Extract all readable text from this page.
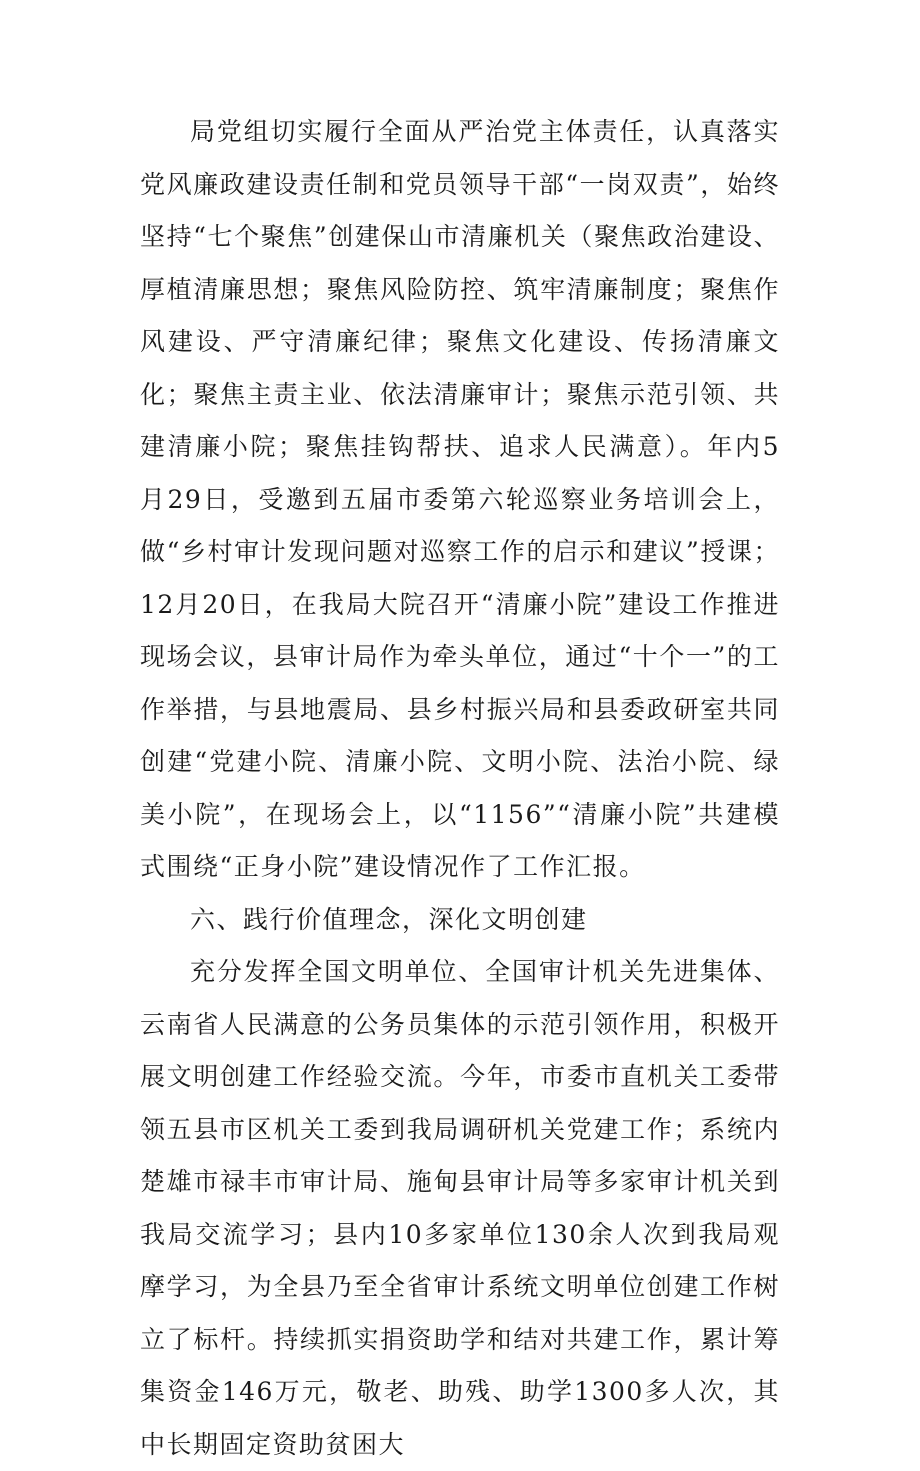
局党组切实履行全面从严治党主体责任，认真落实党风廉政建设责任制和党员领导干部“一岗双责”，始终坚持“七个聚焦”创建保山市清廉机关（聚焦政治建设、厚植清廉思想；聚焦风险防控、筑牢清廉制度；聚焦作风建设、严守清廉纪律；聚焦文化建设、传扬清廉文化；聚焦主责主业、依法清廉审计；聚焦示范引领、共建清廉小院；聚焦挂钩帮扶、追求人民满意）。年内5月29日，受邀到五届市委第六轮巡察业务培训会上，做“乡村审计发现问题对巡察工作的启示和建议”授课；12月20日，在我局大院召开“清廉小院”建设工作推进现场会议，县审计局作为牵头单位，通过“十个一”的工作举措，与县地震局、县乡村振兴局和县委政研室共同创建“党建小院、清廉小院、文明小院、法治小院、绿美小院”，在现场会上，以“1156”“清廉小院”共建模式围绕“正身小院”建设情况作了工作汇报。

六、践行价值理念，深化文明创建

充分发挥全国文明单位、全国审计机关先进集体、云南省人民满意的公务员集体的示范引领作用，积极开展文明创建工作经验交流。今年，市委市直机关工委带领五县市区机关工委到我局调研机关党建工作；系统内楚雄市禄丰市审计局、施甸县审计局等多家审计机关到我局交流学习；县内10多家单位130余人次到我局观摩学习，为全县乃至全省审计系统文明单位创建工作树立了标杆。持续抓实捐资助学和结对共建工作，累计筹集资金146万元，敬老、助残、助学1300多人次，其中长期固定资助贫困大
